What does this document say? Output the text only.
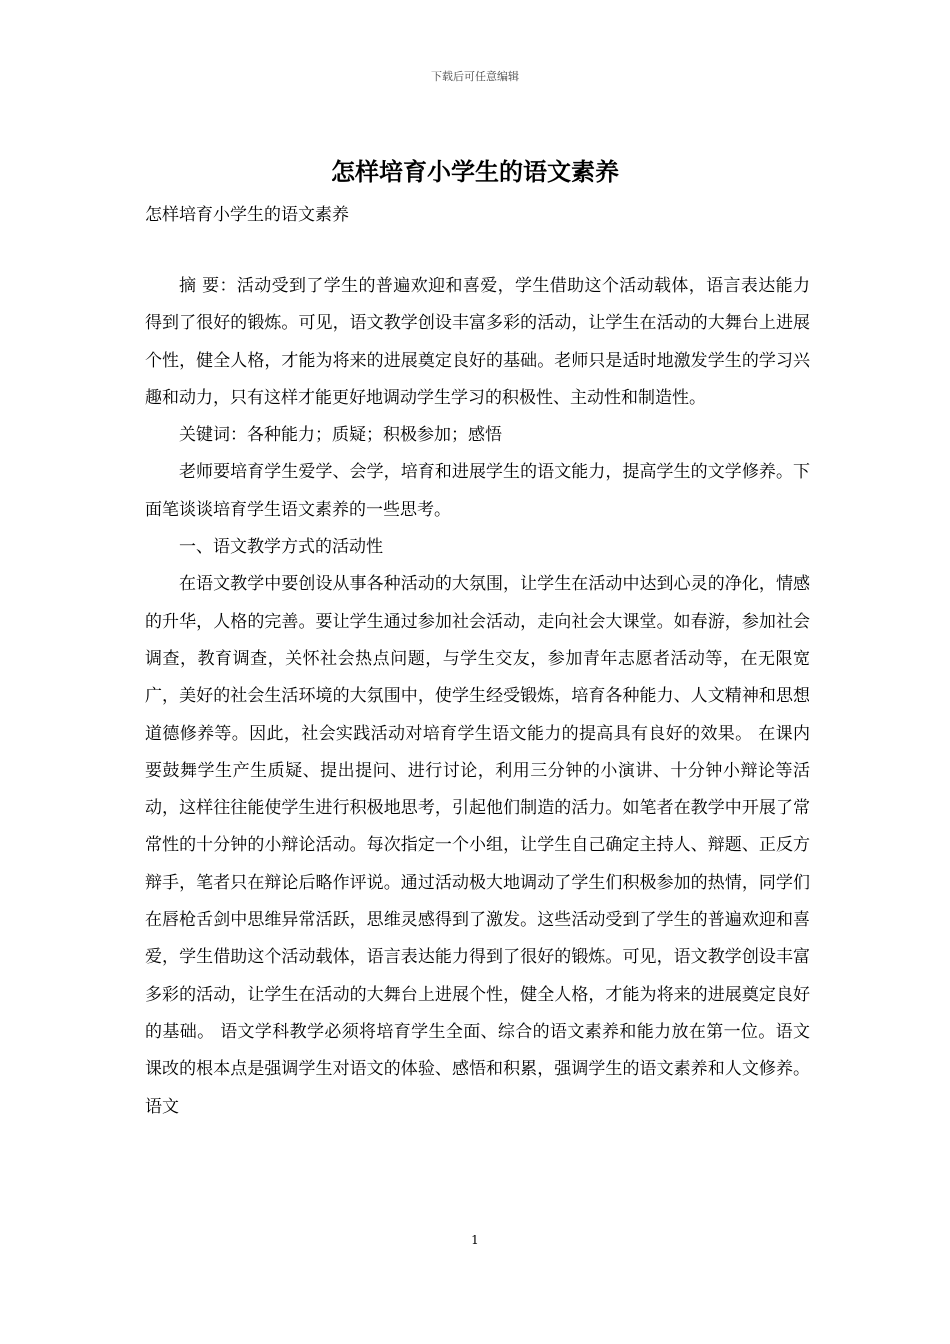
下载后可任意编辑
怎样培育小学生的语文素养

怎样培育小学生的语文素养

摘 要：活动受到了学生的普遍欢迎和喜爱，学生借助这个活动载体，语言表达能力得到了很好的锻炼。可见，语文教学创设丰富多彩的活动，让学生在活动的大舞台上进展个性，健全人格，才能为将来的进展奠定良好的基础。老师只是适时地激发学生的学习兴趣和动力，只有这样才能更好地调动学生学习的积极性、主动性和制造性。

关键词：各种能力；质疑；积极参加；感悟

老师要培育学生爱学、会学，培育和进展学生的语文能力，提高学生的文学修养。下面笔谈谈培育学生语文素养的一些思考。

一、语文教学方式的活动性

在语文教学中要创设从事各种活动的大氛围，让学生在活动中达到心灵的净化，情感的升华，人格的完善。要让学生通过参加社会活动，走向社会大课堂。如春游，参加社会调查，教育调查，关怀社会热点问题，与学生交友，参加青年志愿者活动等，在无限宽广，美好的社会生活环境的大氛围中，使学生经受锻炼，培育各种能力、人文精神和思想道德修养等。因此，社会实践活动对培育学生语文能力的提高具有良好的效果。 在课内要鼓舞学生产生质疑、提出提问、进行讨论，利用三分钟的小演讲、十分钟小辩论等活动，这样往往能使学生进行积极地思考，引起他们制造的活力。如笔者在教学中开展了常常性的十分钟的小辩论活动。每次指定一个小组，让学生自己确定主持人、辩题、正反方辩手，笔者只在辩论后略作评说。通过活动极大地调动了学生们积极参加的热情，同学们在唇枪舌剑中思维异常活跃，思维灵感得到了激发。这些活动受到了学生的普遍欢迎和喜爱，学生借助这个活动载体，语言表达能力得到了很好的锻炼。可见，语文教学创设丰富多彩的活动，让学生在活动的大舞台上进展个性，健全人格，才能为将来的进展奠定良好的基础。 语文学科教学必须将培育学生全面、综合的语文素养和能力放在第一位。语文课改的根本点是强调学生对语文的体验、感悟和积累，强调学生的语文素养和人文修养。语文

1
